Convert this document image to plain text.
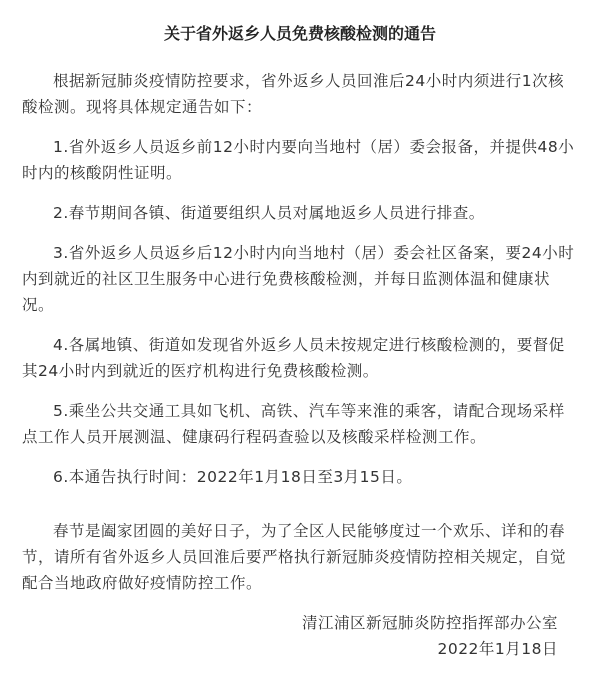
关于省外返乡人员免费核酸检测的通告
根据新冠肺炎疫情防控要求，省外返乡人员回淮后24小时内须进行1次核酸检测。现将具体规定通告如下：
1.省外返乡人员返乡前12小时内要向当地村（居）委会报备，并提供48小时内的核酸阴性证明。
2.春节期间各镇、街道要组织人员对属地返乡人员进行排查。
3.省外返乡人员返乡后12小时内向当地村（居）委会社区备案，要24小时内到就近的社区卫生服务中心进行免费核酸检测，并每日监测体温和健康状况。
4.各属地镇、街道如发现省外返乡人员未按规定进行核酸检测的，要督促其24小时内到就近的医疗机构进行免费核酸检测。
5.乘坐公共交通工具如飞机、高铁、汽车等来淮的乘客，请配合现场采样点工作人员开展测温、健康码行程码查验以及核酸采样检测工作。
6.本通告执行时间：2022年1月18日至3月15日。
春节是阖家团圆的美好日子，为了全区人民能够度过一个欢乐、详和的春节，请所有省外返乡人员回淮后要严格执行新冠肺炎疫情防控相关规定，自觉配合当地政府做好疫情防控工作。
清江浦区新冠肺炎防控指挥部办公室
2022年1月18日
